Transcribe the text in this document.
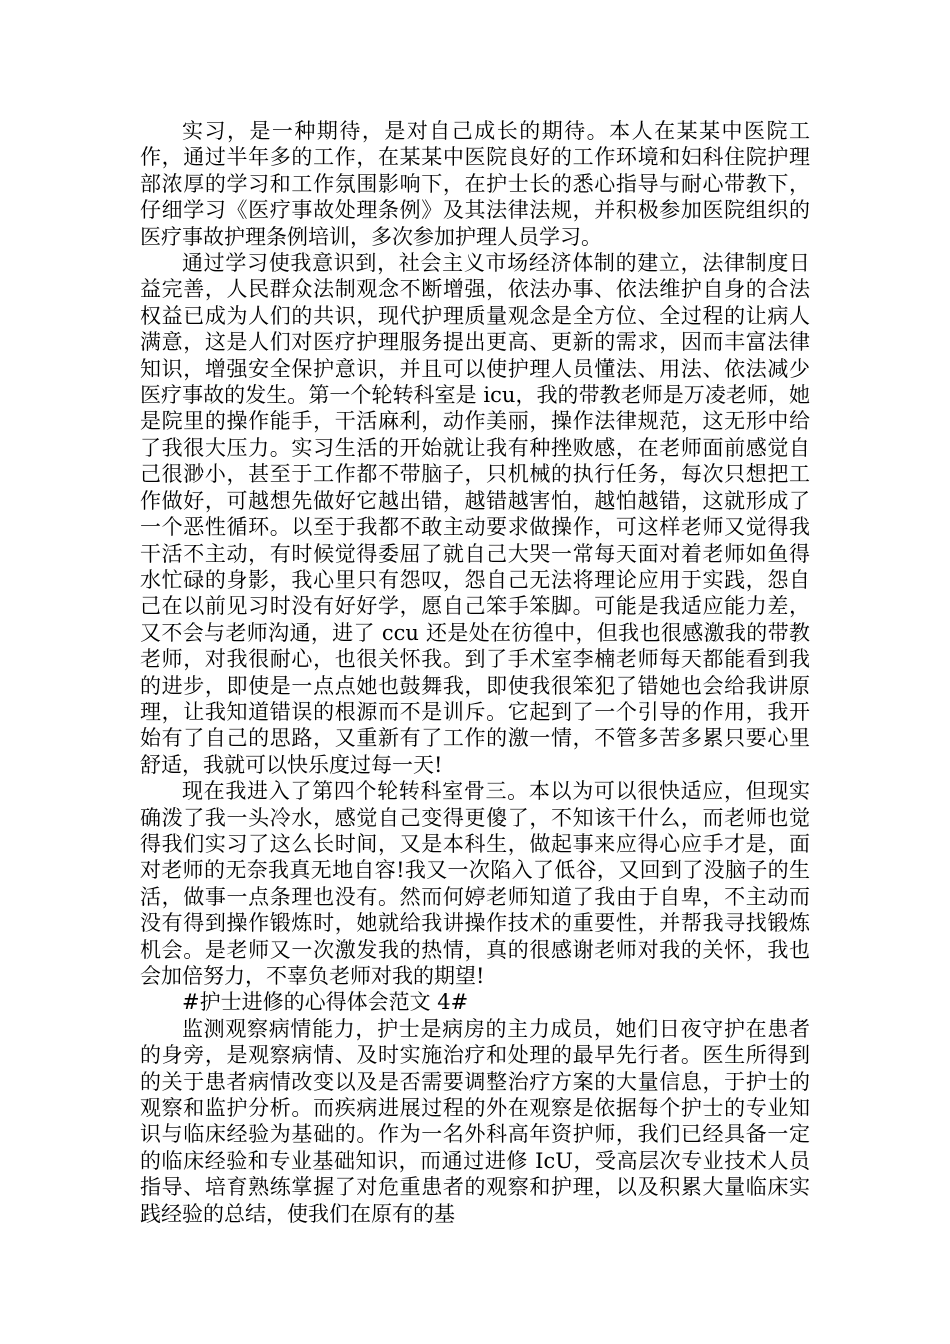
实习，是一种期待，是对自己成长的期待。本人在某某中医院工作，通过半年多的工作，在某某中医院良好的工作环境和妇科住院护理部浓厚的学习和工作氛围影响下，在护士长的悉心指导与耐心带教下，仔细学习《医疗事故处理条例》及其法律法规，并积极参加医院组织的医疗事故护理条例培训，多次参加护理人员学习。

通过学习使我意识到，社会主义市场经济体制的建立，法律制度日益完善，人民群众法制观念不断增强，依法办事、依法维护自身的合法权益已成为人们的共识，现代护理质量观念是全方位、全过程的让病人满意，这是人们对医疗护理服务提出更高、更新的需求，因而丰富法律知识，增强安全保护意识，并且可以使护理人员懂法、用法、依法减少医疗事故的发生。第一个轮转科室是 icu，我的带教老师是万凌老师，她是院里的操作能手，干活麻利，动作美丽，操作法律规范，这无形中给了我很大压力。实习生活的开始就让我有种挫败感，在老师面前感觉自己很渺小，甚至于工作都不带脑子，只机械的执行任务，每次只想把工作做好，可越想先做好它越出错，越错越害怕，越怕越错，这就形成了一个恶性循环。以至于我都不敢主动要求做操作，可这样老师又觉得我干活不主动，有时候觉得委屈了就自己大哭一常每天面对着老师如鱼得水忙碌的身影，我心里只有怨叹，怨自己无法将理论应用于实践，怨自己在以前见习时没有好好学，愿自己笨手笨脚。可能是我适应能力差，又不会与老师沟通，进了 ccu 还是处在彷徨中，但我也很感激我的带教老师，对我很耐心，也很关怀我。到了手术室李楠老师每天都能看到我的进步，即使是一点点她也鼓舞我，即使我很笨犯了错她也会给我讲原理，让我知道错误的根源而不是训斥。它起到了一个引导的作用，我开始有了自己的思路，又重新有了工作的激一情，不管多苦多累只要心里舒适，我就可以快乐度过每一天!

现在我进入了第四个轮转科室骨三。本以为可以很快适应，但现实确泼了我一头冷水，感觉自己变得更傻了，不知该干什么，而老师也觉得我们实习了这么长时间，又是本科生，做起事来应得心应手才是，面对老师的无奈我真无地自容!我又一次陷入了低谷，又回到了没脑子的生活，做事一点条理也没有。然而何婷老师知道了我由于自卑，不主动而没有得到操作锻炼时，她就给我讲操作技术的重要性，并帮我寻找锻炼机会。是老师又一次激发我的热情，真的很感谢老师对我的关怀，我也会加倍努力，不辜负老师对我的期望!

#护士进修的心得体会范文 4#

监测观察病情能力，护士是病房的主力成员，她们日夜守护在患者的身旁，是观察病情、及时实施治疗和处理的最早先行者。医生所得到的关于患者病情改变以及是否需要调整治疗方案的大量信息，于护士的观察和监护分析。而疾病进展过程的外在观察是依据每个护士的专业知识与临床经验为基础的。作为一名外科高年资护师，我们已经具备一定的临床经验和专业基础知识，而通过进修 IcU，受高层次专业技术人员指导、培育熟练掌握了对危重患者的观察和护理，以及积累大量临床实践经验的总结，使我们在原有的基
